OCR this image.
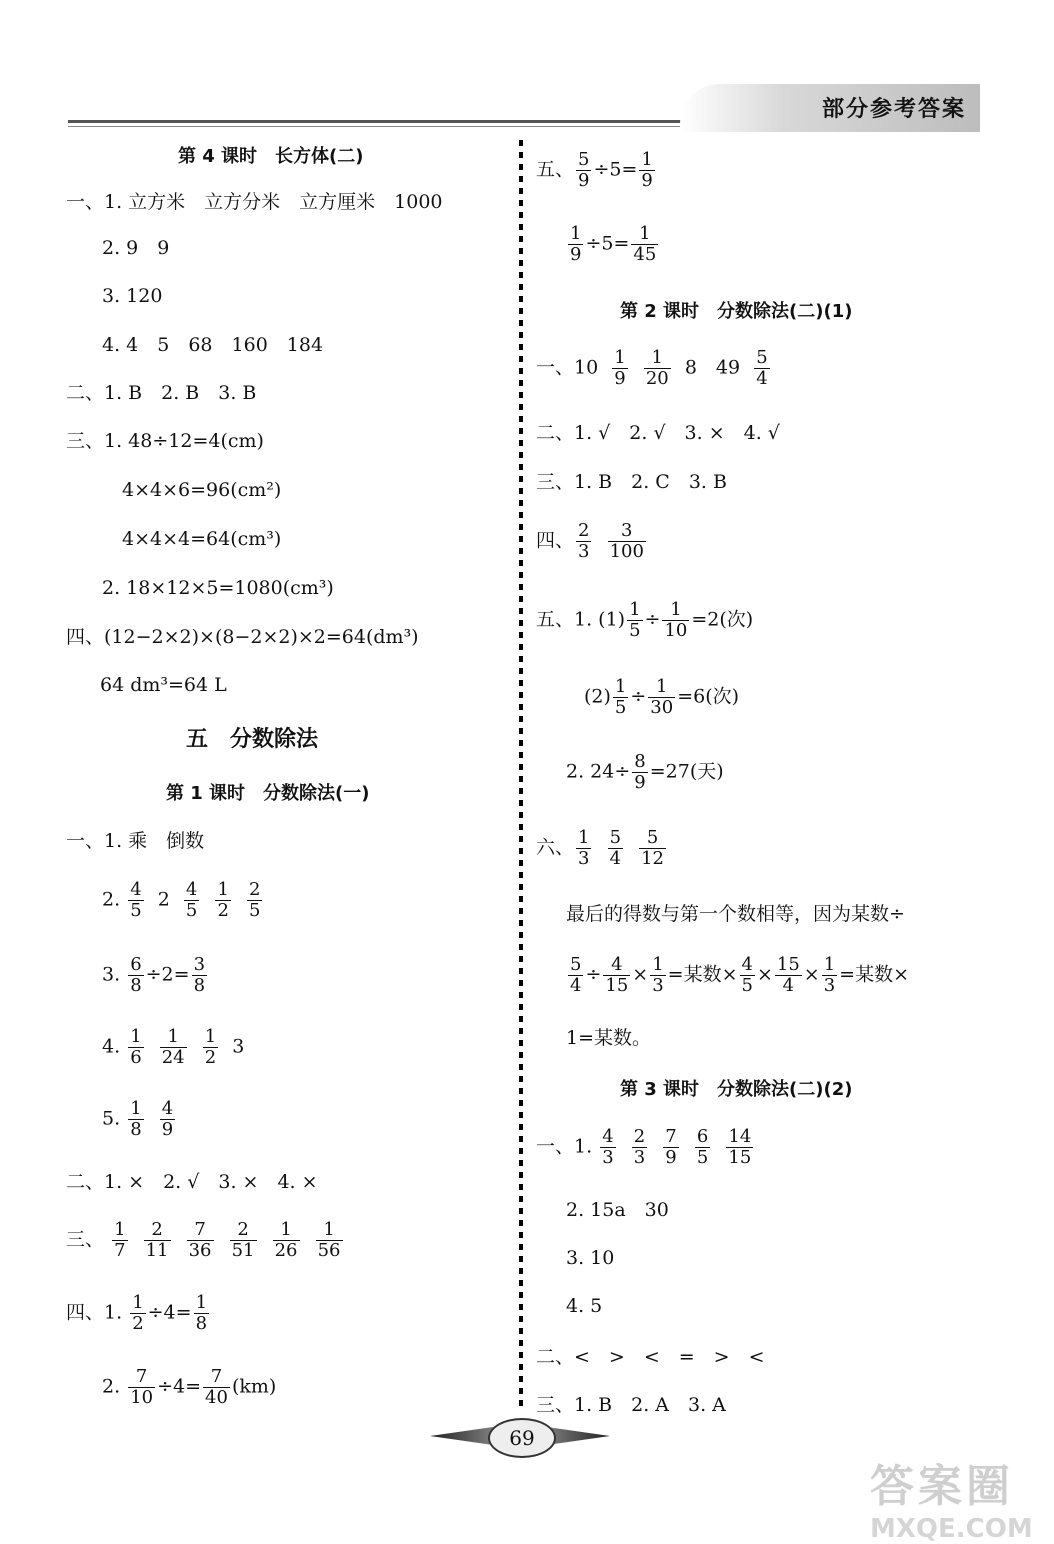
部分参考答案
第 4 课时　长方体(二)
一、1. 立方米　立方分米　立方厘米　1000
2. 9　9
3. 120
4. 4　5　68　160　184
二、1. B　2. B　3. B
三、1. 48÷12=4(cm)
4×4×6=96(cm²)
4×4×4=64(cm³)
2. 18×12×5=1080(cm³)
四、(12−2×2)×(8−2×2)×2=64(dm³)
64 dm³=64 L
五　分数除法
第 1 课时　分数除法(一)
一、1. 乘　倒数
2. $\frac{4}{5} 2 \frac{4}{5}$
$\frac{1}{2}$
$\frac{2}{5}$
3. $\frac{6}{8} \div 2= \frac{3}{8}$
4. $\frac{1}{6}$
$\frac{1}{24}$
$\frac{1}{2} 3$
5. $\frac{1}{8}$
$\frac{4}{9}$
二、1. ×　2. √　3. ×　4. ×
三、 $\frac{1}{7}$
$\frac{2}{11}$
$\frac{7}{36}$
$\frac{2}{51}$
$\frac{1}{26}$
$\frac{1}{56}$
四、1. $\frac{1}{2} \div 4= \frac{1}{8}$
2. $\frac{7}{10} \div 4= \frac{7}{40} (km)$
五、 $\frac{5}{9} \div 5= \frac{1}{9}$
$\frac{1}{9} \div 5= \frac{1}{45}$
第 2 课时　分数除法(二)(1)
一、$10 \frac{1}{9}$
$\frac{1}{20} 8$　$49 \frac{5}{4}$
二、1. √　2. √　3. ×　4. √
三、1. B　2. C　3. B
四、 $\frac{2}{3}$
$\frac{3}{100}$
五、1. $(1) \frac{1}{5} \div \frac{1}{10} =2$(次)
$(2) \frac{1}{5} \div \frac{1}{30} =6$(次)
2. $24\div \frac{8}{9} =27$(天)
六、 $\frac{1}{3}$
$\frac{5}{4}$
$\frac{5}{12}$
最后的得数与第一个数相等，因为某数÷
$\frac{5}{4} \div \frac{4}{15} \times \frac{1}{3}$ =某数× $\frac{4}{5} \times \frac{15}{4} \times \frac{1}{3}$ =某数×
1=某数。
第 3 课时　分数除法(二)(2)
一、1. $\frac{4}{3}$
$\frac{2}{3}$
$\frac{7}{9}$
$\frac{6}{5}$
$\frac{14}{15}$
2. 15a　30
3. 10
4. 5
二、<　>　<　=　>　<
三、1. B　2. A　3. A
69
答案圈
MXQE.COM
